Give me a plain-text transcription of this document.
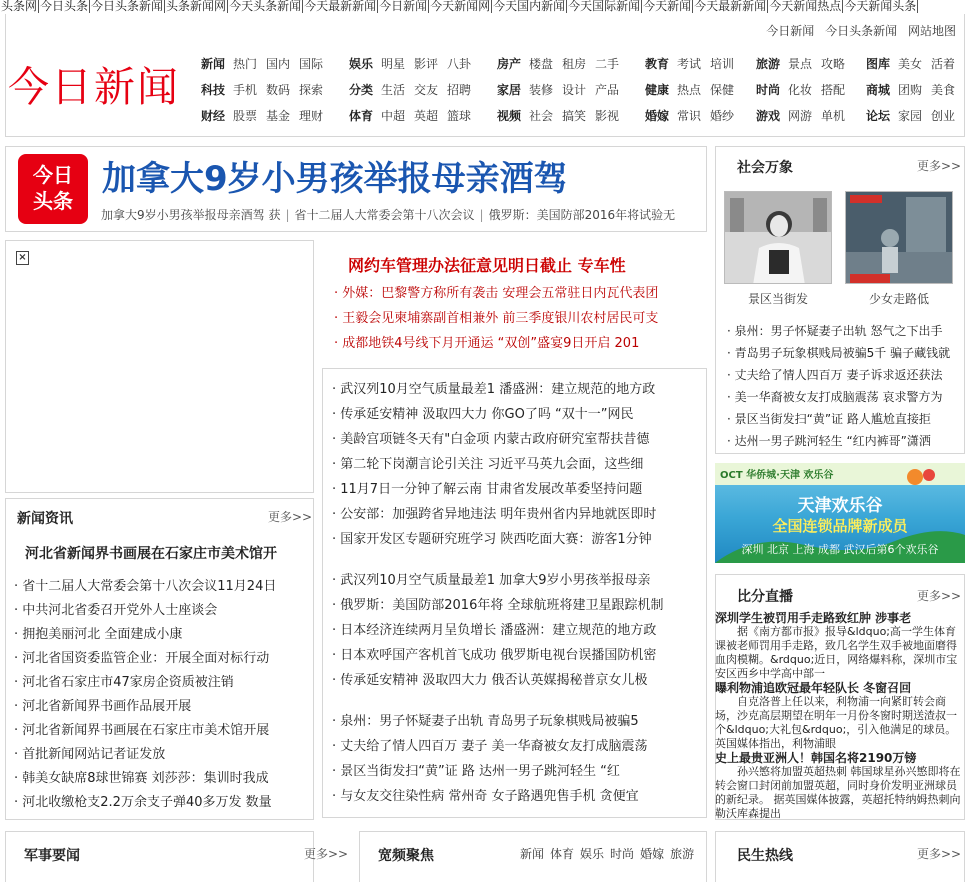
头条网 今日头条 今日头条新闻 头条新闻网 今天头条新闻 今天最新新闻 今日新闻 今天新闻网 今天国内新闻 今天国际新闻 今天新闻 今天最新新闻 今天新闻热点 今天新闻头条
今日新闻 今日头条新闻 网站地图
今日新闻 新闻 热门 国内 国际	娱乐 明星 影评 八卦	房产 楼盘 租房 二手	教育 考试 培训	旅游 景点 攻略	图库 美女 活着
科技 手机 数码 探索	分类 生活 交友 招聘	家居 装修 设计 产品	健康 热点 保健	时尚 化妆 搭配	商城 团购 美食
财经 股票 基金 理财	体育 中超 英超 篮球	视频 社会 搞笑 影视	婚嫁 常识 婚纱	游戏 网游 单机	论坛 家园 创业
今日
头条
加拿大9岁小男孩举报母亲酒驾
加拿大9岁小男孩举报母亲酒驾 获 | 省十二届人大常委会第十八次会议 | 俄罗斯：美国防部2016年将试验无
×	网约车管理办法征意见明日截止 专车性
· 外媒：巴黎警方称所有袭击 安理会五常驻日内瓦代表团
· 王毅会见柬埔寨副首相兼外 前三季度银川农村居民可支
· 成都地铁4号线下月开通运 “双创”盛宴9日开启 201
· 武汉列10月空气质量最差1 潘盛洲：建立规范的地方政
· 传承延安精神 汲取四大力 你GO了吗 “双十一”网民
· 美龄宫项链冬天有"白金项 内蒙古政府研究室帮扶昔德
· 第二轮下岗潮言论引关注 习近平马英九会面，这些细
· 11月7日一分钟了解云南 甘肃省发展改革委坚持问题
· 公安部：加强跨省异地违法 明年贵州省内异地就医即时
· 国家开发区专题研究班学习 陕西吃面大赛：游客1分钟
· 武汉列10月空气质量最差1 加拿大9岁小男孩举报母亲
· 俄罗斯：美国防部2016年将 全球航班将建卫星跟踪机制
· 日本经济连续两月呈负增长 潘盛洲：建立规范的地方政
· 日本欢呼国产客机首飞成功 俄罗斯电视台误播国防机密
· 传承延安精神 汲取四大力 俄否认英媒揭秘普京女儿极
· 泉州：男子怀疑妻子出轨 青岛男子玩象棋贱局被骗5
· 丈夫给了情人四百万 妻子 美一华裔被女友打成脑震荡
· 景区当街发扫“黄”证 路 达州一男子跳河轻生 “红
· 与女友交往染性病 常州奇 女子路遇兜售手机 贪便宜
新闻资讯	更多>>
河北省新闻界书画展在石家庄市美术馆开
· 省十二届人大常委会第十八次会议11月24日
· 中共河北省委召开党外人士座谈会
· 拥抱美丽河北 全面建成小康
· 河北省国资委监管企业：开展全面对标行动
· 河北省石家庄市47家房企资质被注销
· 河北省新闻界书画作品展开展
· 河北省新闻界书画展在石家庄市美术馆开展
· 首批新闻网站记者证发放
· 韩美女缺席8球世锦赛 刘莎莎：集训时我成
· 河北收缴枪支2.2万余支子弹40多万发 数量
社会万象	更多>>
景区当街发	少女走路低
· 泉州：男子怀疑妻子出轨 怒气之下出手
· 青岛男子玩象棋贱局被骗5千 骗子藏钱就
· 丈夫给了情人四百万 妻子诉求返还获法
· 美一华裔被女友打成脑震荡 哀求警方为
· 景区当街发扫“黄”证 路人尴尬直接拒
· 达州一男子跳河轻生 “红内裤哥”潇洒
OCT 华侨城·天津 欢乐谷
天津欢乐谷
全国连锁品牌新成员
深圳 北京 上海 成都 武汉后第6个欢乐谷
比分直播	更多>>
深圳学生被罚用手走路致红肿 涉事老
据《南方都市报》报导&ldquo;高一学生体育课被老师罚用手走路，致几名学生双手被地面磨得血肉模糊。&rdquo;近日，网络爆料称，深圳市宝安区西乡中学高中部一
曝利物浦追欧冠最年轻队长 冬窗召回
自克洛普上任以来，利物浦一向紧盯转会商场，沙克高层期望在明年一月份冬窗时期送渣叔一个&ldquo;大礼包&rdquo;，引入他满足的球员。英国媒体指出，利物浦眼
史上最贵亚洲人！韩国名将2190万镑
孙兴慜将加盟英超热刺 韩国球星孙兴慜即将在转会窗口封闭前加盟英超，同时身价发明亚洲球员的新纪录。 据英国媒体披露，英超托特纳姆热刺向勒沃库森提出
军事要闻	更多>> 宽频聚焦	新闻 体育 娱乐 时尚 婚嫁 旅游	民生热线	更多>>
